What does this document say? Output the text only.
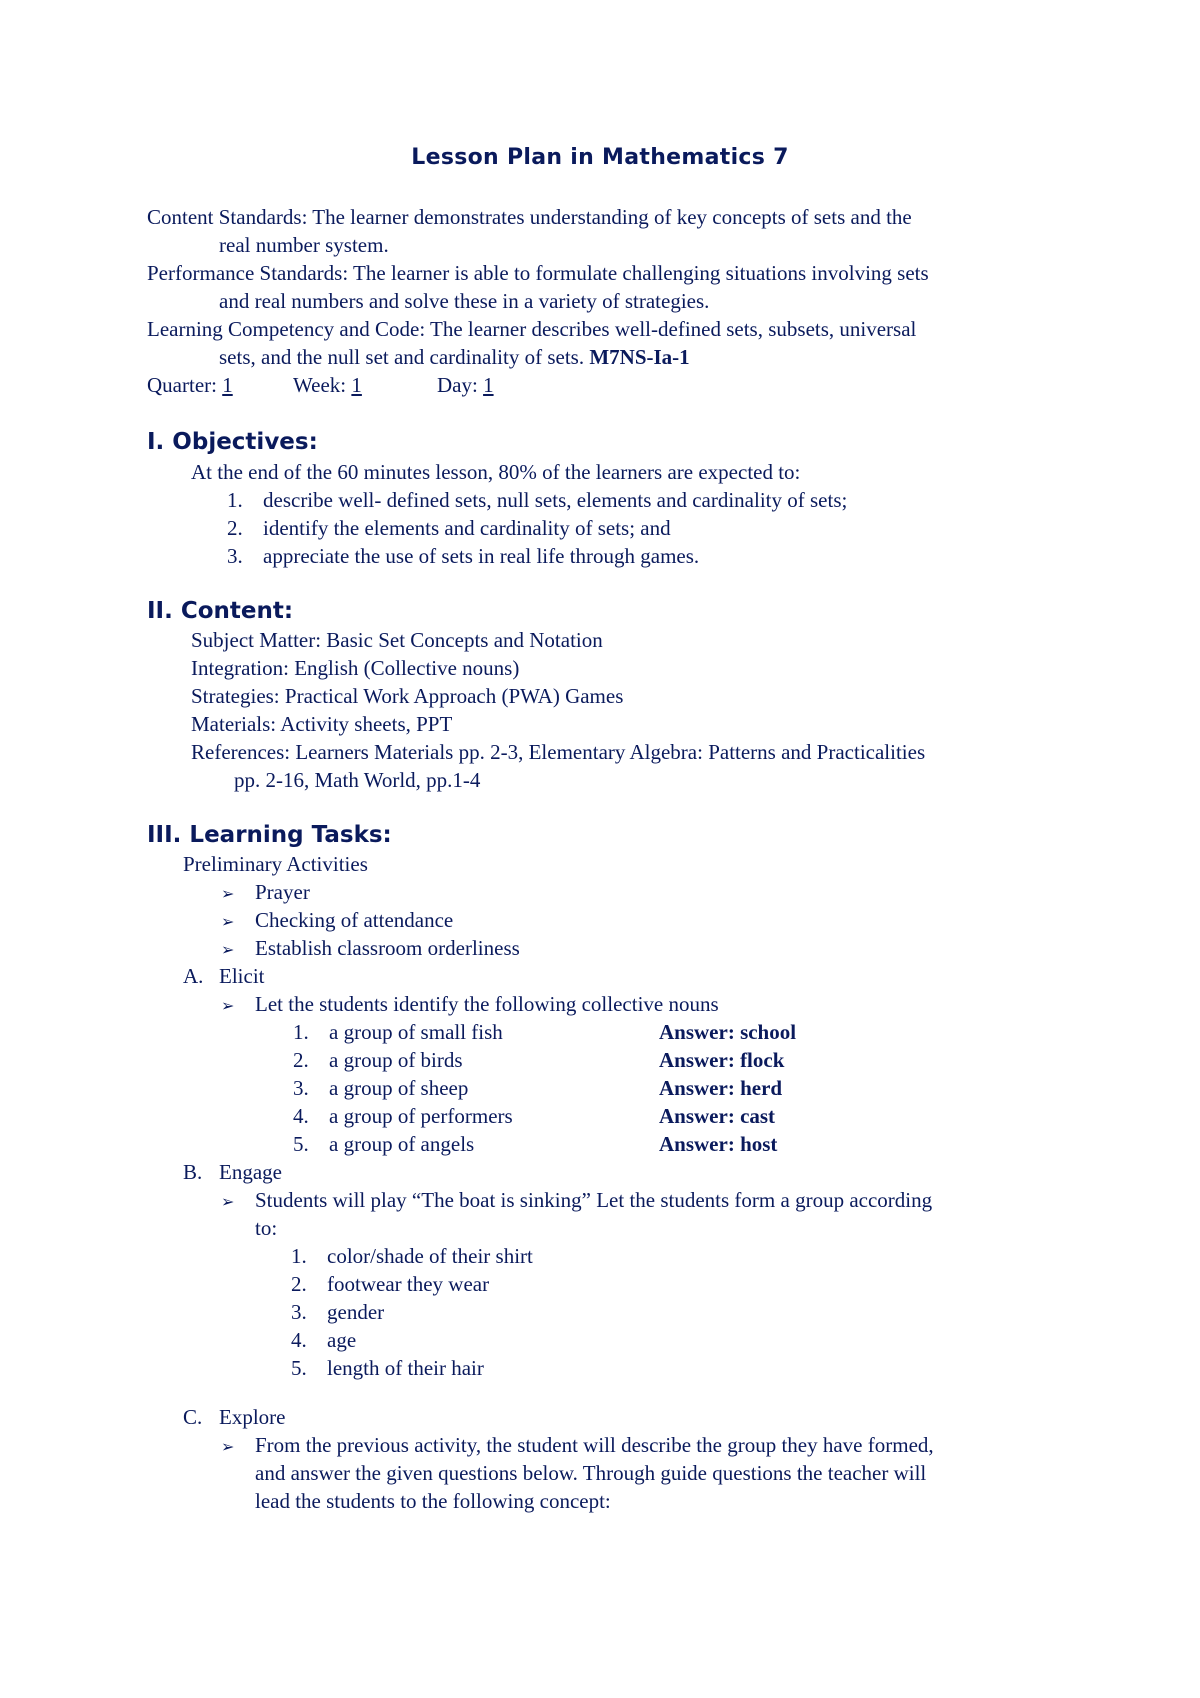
Lesson Plan in Mathematics 7
Content Standards: The learner demonstrates understanding of key concepts of sets and the
real number system.
Performance Standards: The learner is able to formulate challenging situations involving sets
and real numbers and solve these in a variety of strategies.
Learning Competency and Code: The learner describes well-defined sets, subsets, universal
sets, and the null set and cardinality of sets. M7NS-Ia-1
Quarter: 1	Week: 1	Day: 1
I. Objectives:
At the end of the 60 minutes lesson, 80% of the learners are expected to:
1. describe well- defined sets, null sets, elements and cardinality of sets;
2. identify the elements and cardinality of sets; and
3. appreciate the use of sets in real life through games.
II. Content:
Subject Matter: Basic Set Concepts and Notation
Integration: English (Collective nouns)
Strategies: Practical Work Approach (PWA) Games
Materials: Activity sheets, PPT
References: Learners Materials pp. 2-3, Elementary Algebra: Patterns and Practicalities
pp. 2-16, Math World, pp.1-4
III. Learning Tasks:
Preliminary Activities
➢ Prayer
➢ Checking of attendance
➢ Establish classroom orderliness
A. Elicit
➢ Let the students identify the following collective nouns
1. a group of small fish	Answer: school
2. a group of birds	Answer: flock
3. a group of sheep	Answer: herd
4. a group of performers	Answer: cast
5. a group of angels	Answer: host
B. Engage
➢ Students will play “The boat is sinking” Let the students form a group according
to:
1. color/shade of their shirt
2. footwear they wear
3. gender
4. age
5. length of their hair
C. Explore
➢ From the previous activity, the student will describe the group they have formed,
and answer the given questions below. Through guide questions the teacher will
lead the students to the following concept:
